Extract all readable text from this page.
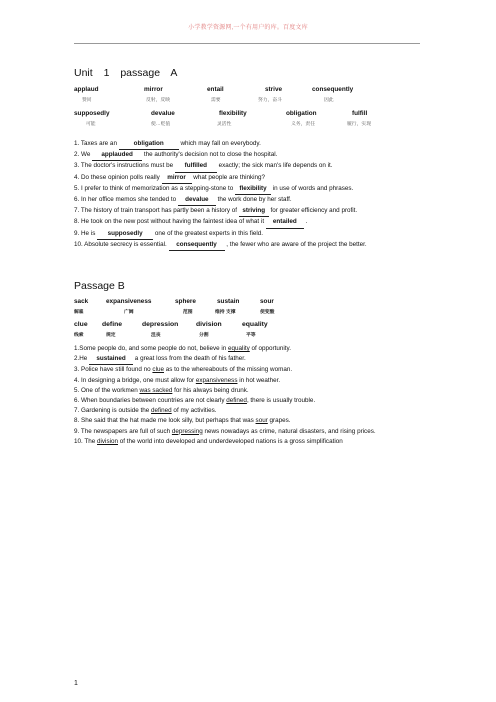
小学教学资源网,一个有用户的库。百度文库
Unit 1 passage A
applaud	mirror	entail	strive	consequently
赞同	反射，反映	需要	努力，奋斗	因此
supposedly	devalue	flexibility	obligation	fulfill
可能	使…贬值	灵活性	义务，责任	履行，实现

1. Taxes are an obligation which may fall on everybody.

2. We applauded the authority's decision not to close the hospital.

3. The doctor's instructions must be fulfilled exactly; the sick man's life depends on it.

4. Do these opinion polls really mirror what people are thinking?

5. I prefer to think of memorization as a stepping-stone to flexibility in use of words and phrases.

6. In her office memos she tended to devalue the work done by her staff.

7. The history of train transport has partly been a history of striving for greater efficiency and profit.

8. He took on the new post without having the faintest idea of what it entailed .

9. He is supposedly one of the greatest experts in this field.

10. Absolute secrecy is essential. consequently , the fewer who are aware of the project the better.

Passage B
sack	expansiveness	sphere	sustain	sour
解雇	广阔	范围	维持 支撑	使变酸
clue	define	depression	division	equality
线索	规定	沮丧	分割	平等

1.Some people do, and some people do not, believe in equality of opportunity.

2.He sustained a great loss from the death of his father.

3. Police have still found no clue as to the whereabouts of the missing woman.

4. In designing a bridge, one must allow for expansiveness in hot weather.

5. One of the workmen was sacked for his always being drunk.

6. When boundaries between countries are not clearly defined, there is usually trouble.

7. Gardening is outside the defined of my activities.

8. She said that the hat made me look silly, but perhaps that was sour grapes.

9. The newspapers are full of such depressing news nowadays as crime, natural disasters, and rising prices.

10. The division of the world into developed and underdeveloped nations is a gross simplification

1
